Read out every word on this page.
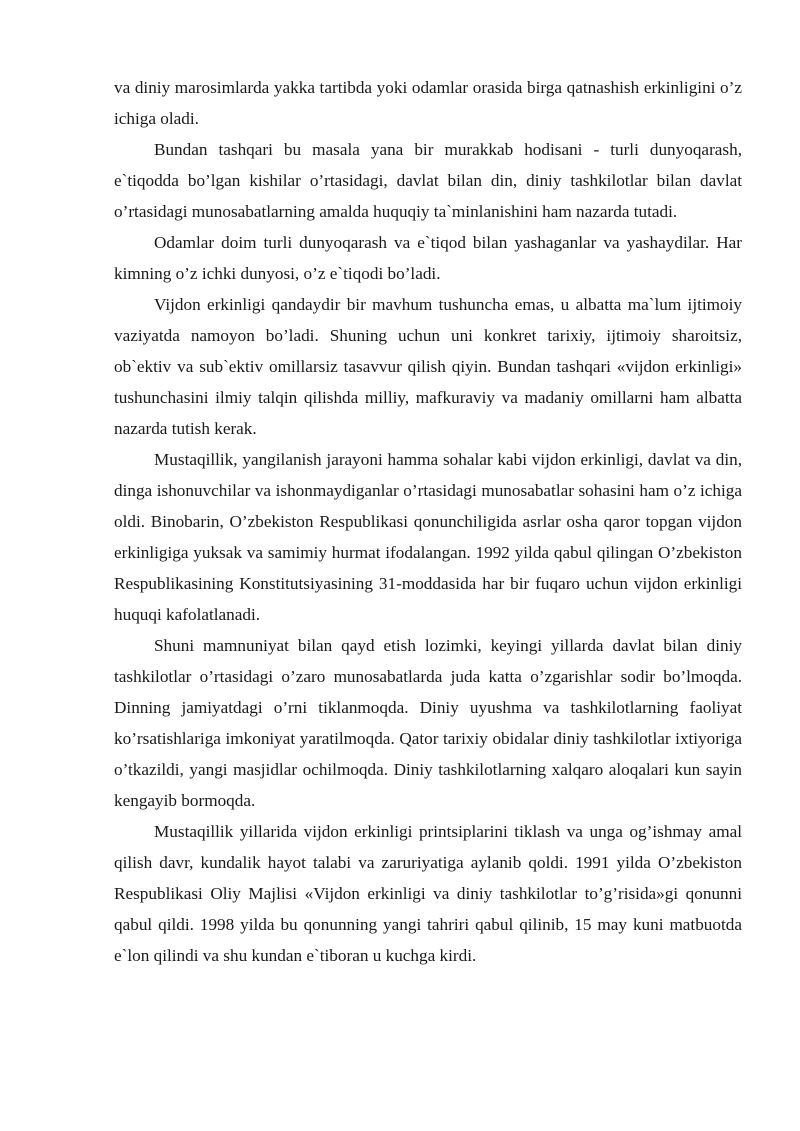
va diniy marosimlarda yakka tartibda yoki odamlar orasida birga qatnashish erkinligini o’z ichiga oladi.

Bundan tashqari bu masala yana bir murakkab hodisani - turli dunyoqarash, e`tiqodda bo’lgan kishilar o’rtasidagi, davlat bilan din, diniy tashkilotlar bilan davlat o’rtasidagi munosabatlarning amalda huquqiy ta`minlanishini ham nazarda tutadi.

Odamlar doim turli dunyoqarash va e`tiqod bilan yashaganlar va yashaydilar. Har kimning o’z ichki dunyosi, o’z e`tiqodi bo’ladi.

Vijdon erkinligi qandaydir bir mavhum tushuncha emas, u albatta ma`lum ijtimoiy vaziyatda namoyon bo’ladi. Shuning uchun uni konkret tarixiy, ijtimoiy sharoitsiz, ob`ektiv va sub`ektiv omillarsiz tasavvur qilish qiyin. Bundan tashqari «vijdon erkinligi» tushunchasini ilmiy talqin qilishda milliy, mafkuraviy va madaniy omillarni ham albatta nazarda tutish kerak.

Mustaqillik, yangilanish jarayoni hamma sohalar kabi vijdon erkinligi, davlat va din, dinga ishonuvchilar va ishonmaydiganlar o’rtasidagi munosabatlar sohasini ham o’z ichiga oldi. Binobarin, O’zbekiston Respublikasi qonunchiligida asrlar osha qaror topgan vijdon erkinligiga yuksak va samimiy hurmat ifodalangan. 1992 yilda qabul qilingan O’zbekiston Respublikasining Konstitutsiyasining 31-moddasida har bir fuqaro uchun vijdon erkinligi huquqi kafolatlanadi.

Shuni mamnuniyat bilan qayd etish lozimki, keyingi yillarda davlat bilan diniy tashkilotlar o’rtasidagi o’zaro munosabatlarda juda katta o’zgarishlar sodir bo’lmoqda. Dinning jamiyatdagi o’rni tiklanmoqda. Diniy uyushma va tashkilotlarning faoliyat ko’rsatishlariga imkoniyat yaratilmoqda. Qator tarixiy obidalar diniy tashkilotlar ixtiyoriga o’tkazildi, yangi masjidlar ochilmoqda. Diniy tashkilotlarning xalqaro aloqalari kun sayin kengayib bormoqda.

Mustaqillik yillarida vijdon erkinligi printsiplarini tiklash va unga og’ishmay amal qilish davr, kundalik hayot talabi va zaruriyatiga aylanib qoldi. 1991 yilda O’zbekiston Respublikasi Oliy Majlisi «Vijdon erkinligi va diniy tashkilotlar to’g’risida»gi qonunni qabul qildi. 1998 yilda bu qonunning yangi tahriri qabul qilinib, 15 may kuni matbuotda e`lon qilindi va shu kundan e`tiboran u kuchga kirdi.
